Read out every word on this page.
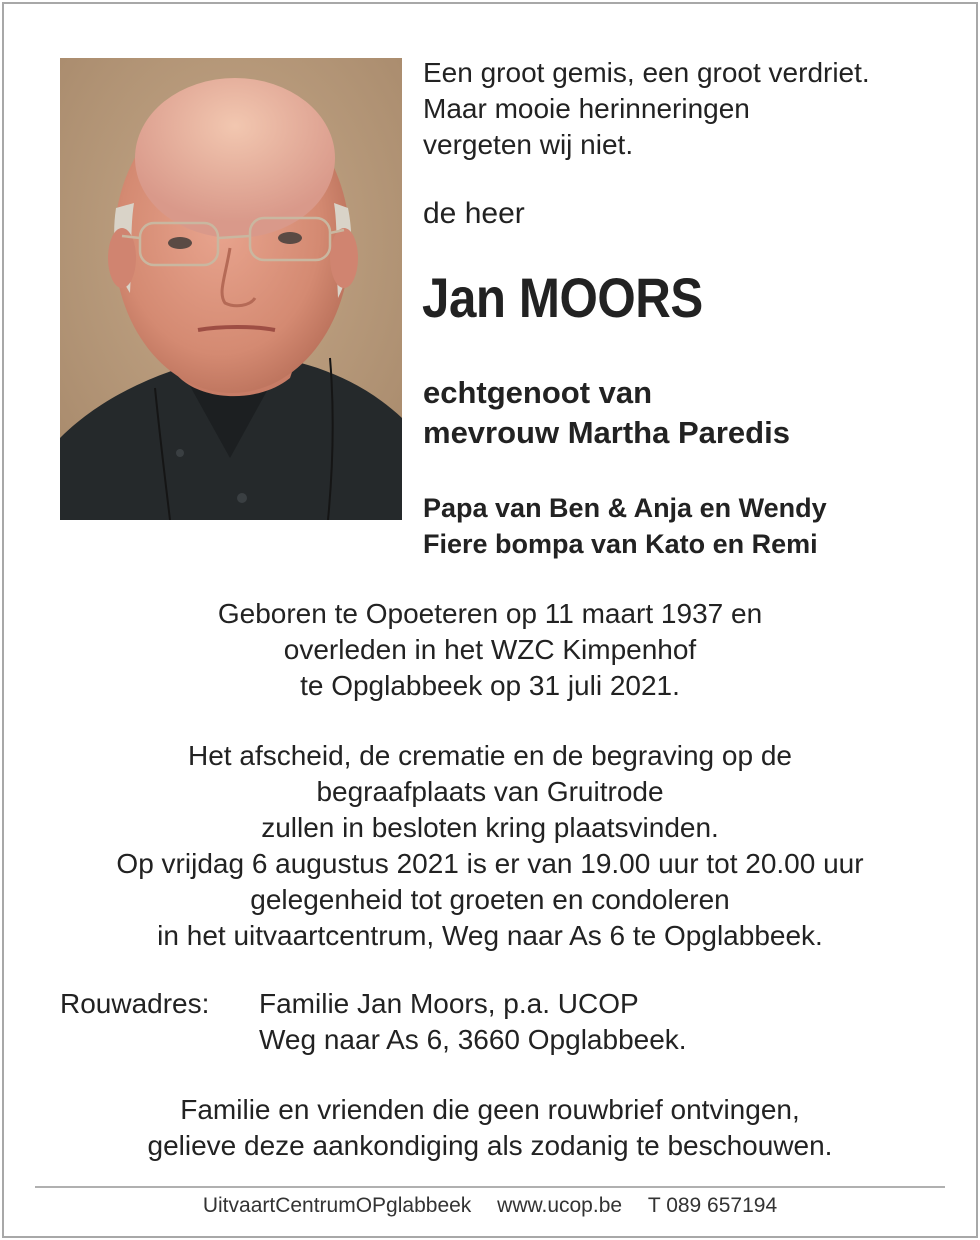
Een groot gemis, een groot verdriet.
Maar mooie herinneringen
vergeten wij niet.
de heer
Jan MOORS
echtgenoot van
mevrouw Martha Paredis
Papa van Ben & Anja en Wendy
Fiere bompa van Kato en Remi
Geboren te Opoeteren op 11 maart 1937 en
overleden in het WZC Kimpenhof
te Opglabbeek op 31 juli 2021.
Het afscheid, de crematie en de begraving op de
begraafplaats van Gruitrode
zullen in besloten kring plaatsvinden.
Op vrijdag 6 augustus 2021 is er van 19.00 uur tot 20.00 uur
gelegenheid tot groeten en condoleren
in het uitvaartcentrum, Weg naar As 6 te Opglabbeek.
Rouwadres: Familie Jan Moors, p.a. UCOP
Weg naar As 6, 3660 Opglabbeek.
Familie en vrienden die geen rouwbrief ontvingen,
gelieve deze aankondiging als zodanig te beschouwen.
UitvaartCentrumOPglabbeek www.ucop.be T 089 657194
